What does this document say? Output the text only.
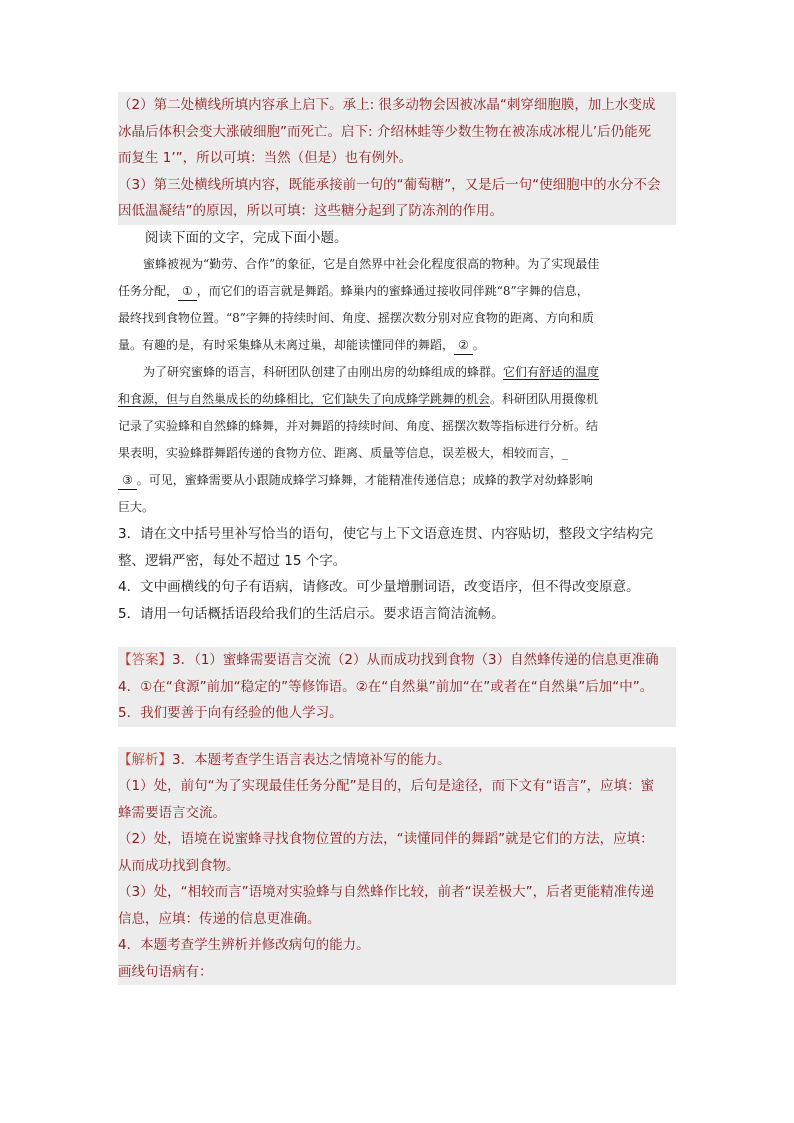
（2）第二处横线所填内容承上启下。承上: 很多动物会因被冰晶“刺穿细胞膜，加上水变成
冰晶后体积会变大涨破细胞”而死亡。启下: 介绍林蛙等少数生物在被冻成冰棍儿’后仍能死
而复生 1’”，所以可填：当然（但是）也有例外。
（3）第三处横线所填内容，既能承接前一句的“葡萄糖”，又是后一句“使细胞中的水分不会
因低温凝结”的原因，所以可填：这些糖分起到了防冻剂的作用。
阅读下面的文字，完成下面小题。
蜜蜂被视为“勤劳、合作”的象征，它是自然界中社会化程度很高的物种。为了实现最佳
任务分配， ① ，而它们的语言就是舞蹈。蜂巢内的蜜蜂通过接收同伴跳“8”字舞的信息，
最终找到食物位置。“8”字舞的持续时间、角度、摇摆次数分别对应食物的距离、方向和质
量。有趣的是，有时采集蜂从未离过巢，却能读懂同伴的舞蹈， ② 。
为了研究蜜蜂的语言，科研团队创建了由刚出房的幼蜂组成的蜂群。它们有舒适的温度
和食源，但与自然巢成长的幼蜂相比，它们缺失了向成蜂学跳舞的机会。科研团队用摄像机
记录了实验蜂和自然蜂的蜂舞，并对舞蹈的持续时间、角度、摇摆次数等指标进行分析。结
果表明，实验蜂群舞蹈传递的食物方位、距离、质量等信息，误差极大，相较而言，_
③ 。可见，蜜蜂需要从小跟随成蜂学习蜂舞，才能精准传递信息；成蜂的教学对幼蜂影响
巨大。
3．请在文中括号里补写恰当的语句，使它与上下文语意连贯、内容贴切，整段文字结构完
整、逻辑严密，每处不超过 15 个字。
4．文中画横线的句子有语病，请修改。可少量增删词语，改变语序，但不得改变原意。
5．请用一句话概括语段给我们的生活启示。要求语言简洁流畅。
【答案】3．（1）蜜蜂需要语言交流（2）从而成功找到食物（3）自然蜂传递的信息更准确
4．①在“食源”前加“稳定的”等修饰语。②在“自然巢”前加“在”或者在“自然巢”后加“中”。
5．我们要善于向有经验的他人学习。
【解析】3．本题考查学生语言表达之情境补写的能力。
（1）处，前句“为了实现最佳任务分配”是目的，后句是途径，而下文有“语言”，应填：蜜
蜂需要语言交流。
（2）处，语境在说蜜蜂寻找食物位置的方法，“读懂同伴的舞蹈”就是它们的方法，应填：
从而成功找到食物。
（3）处，“相较而言”语境对实验蜂与自然蜂作比较，前者“误差极大”，后者更能精准传递
信息，应填：传递的信息更准确。
4．本题考查学生辨析并修改病句的能力。
画线句语病有：
